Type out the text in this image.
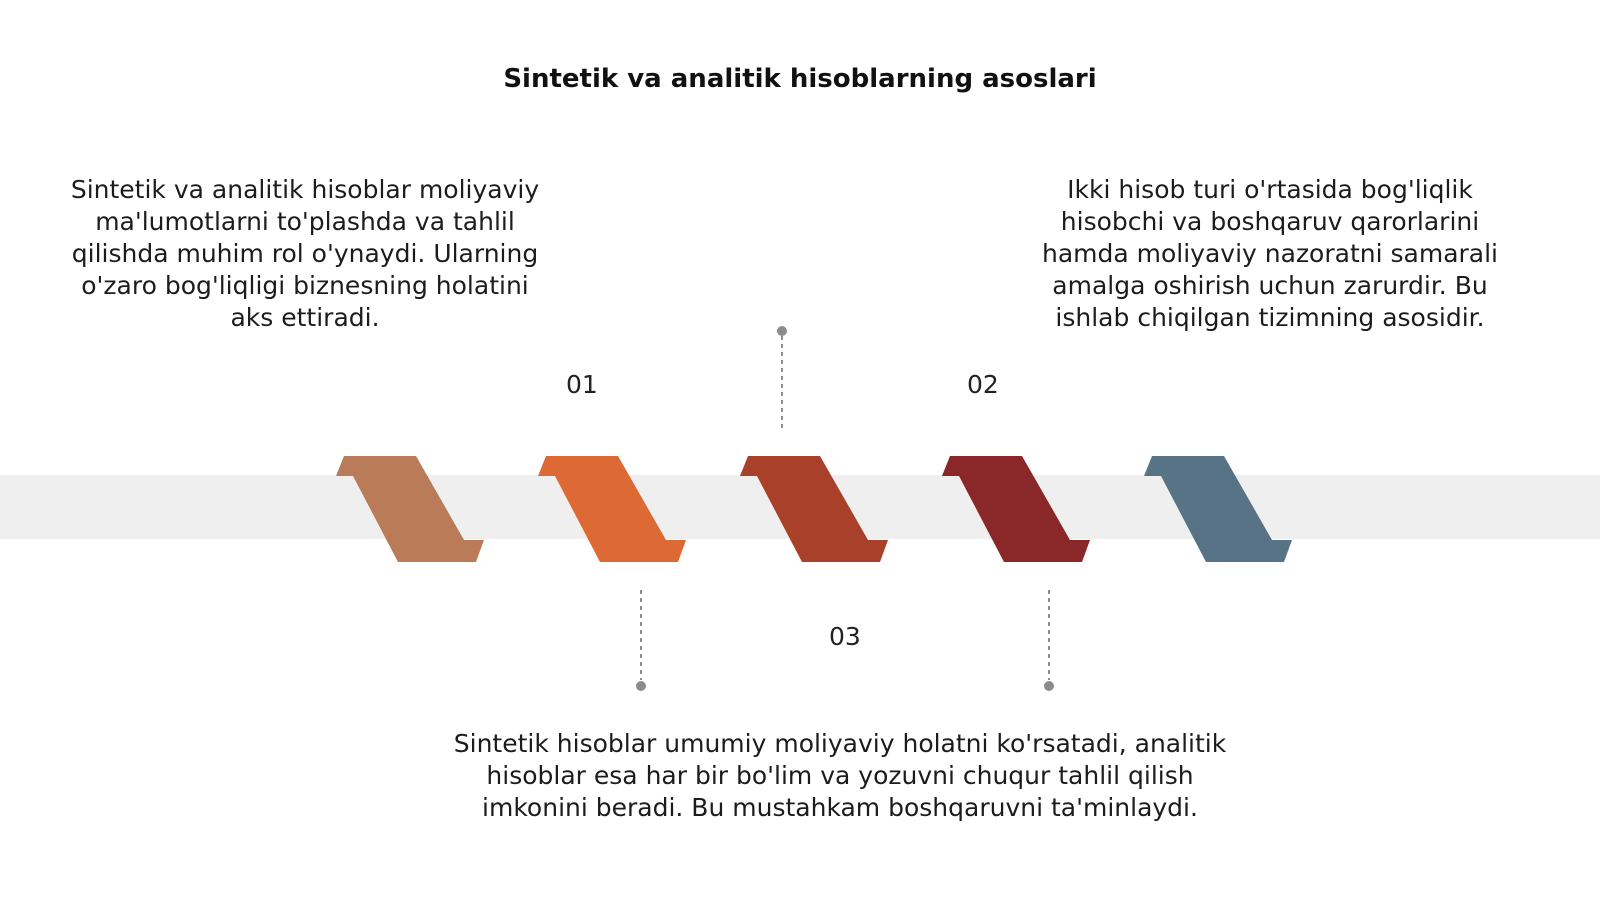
Sintetik va analitik hisoblarning asoslari
Sintetik va analitik hisoblar moliyaviy ma'lumotlarni to'plashda va tahlil qilishda muhim rol o'ynaydi. Ularning o'zaro bog'liqligi biznesning holatini aks ettiradi.
Ikki hisob turi o'rtasida bog'liqlik hisobchi va boshqaruv qarorlarini hamda moliyaviy nazoratni samarali amalga oshirish uchun zarurdir. Bu ishlab chiqilgan tizimning asosidir.
Sintetik hisoblar umumiy moliyaviy holatni ko'rsatadi, analitik hisoblar esa har bir bo'lim va yozuvni chuqur tahlil qilish imkonini beradi. Bu mustahkam boshqaruvni ta'minlaydi.
01	02
03
